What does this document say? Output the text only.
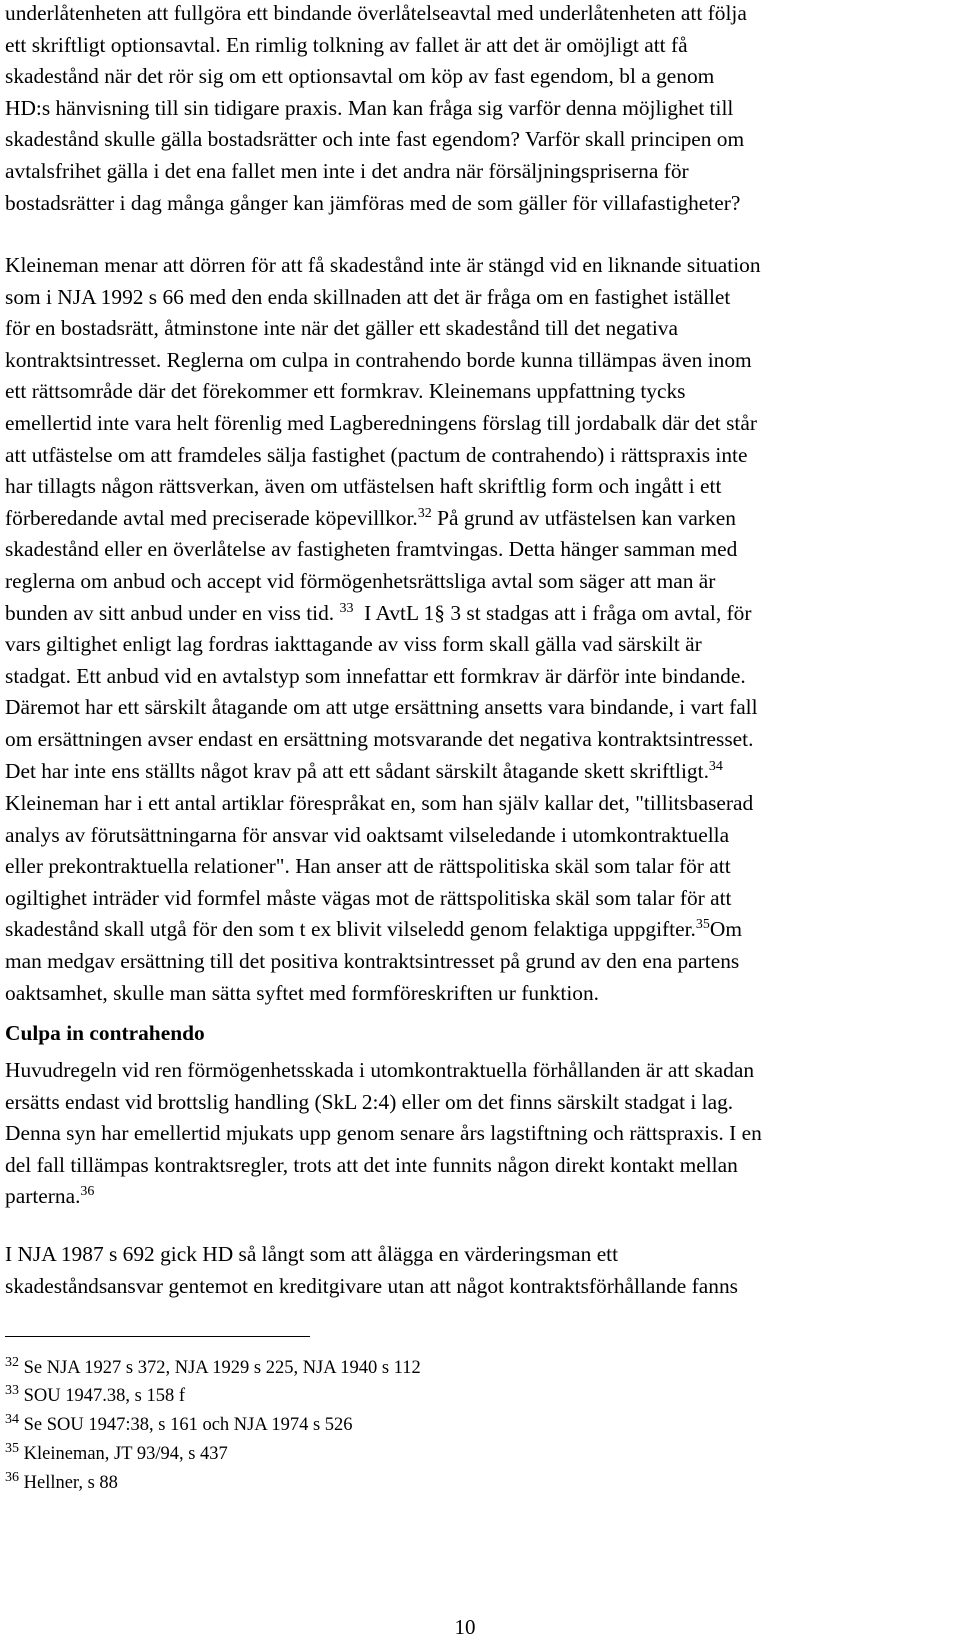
underlåtenheten att fullgöra ett bindande överlåtelseavtal med underlåtenheten att följa
ett skriftligt optionsavtal. En rimlig tolkning av fallet är att det är omöjligt att få
skadestånd när det rör sig om ett optionsavtal om köp av fast egendom, bl a genom
HD:s hänvisning till sin tidigare praxis. Man kan fråga sig varför denna möjlighet till
skadestånd skulle gälla bostadsrätter och inte fast egendom? Varför skall principen om
avtalsfrihet gälla i det ena fallet men inte i det andra när försäljningspriserna för
bostadsrätter i dag många gånger kan jämföras med de som gäller för villafastigheter?

Kleineman menar att dörren för att få skadestånd inte är stängd vid en liknande situation
som i NJA 1992 s 66 med den enda skillnaden att det är fråga om en fastighet istället
för en bostadsrätt, åtminstone inte när det gäller ett skadestånd till det negativa
kontraktsintresset. Reglerna om culpa in contrahendo borde kunna tillämpas även inom
ett rättsområde där det förekommer ett formkrav. Kleinemans uppfattning tycks
emellertid inte vara helt förenlig med Lagberedningens förslag till jordabalk där det står
att utfästelse om att framdeles sälja fastighet (pactum de contrahendo) i rättspraxis inte
har tillagts någon rättsverkan, även om utfästelsen haft skriftlig form och ingått i ett
förberedande avtal med preciserade köpevillkor.$^{32}$ På grund av utfästelsen kan varken
skadestånd eller en överlåtelse av fastigheten framtvingas. Detta hänger samman med
reglerna om anbud och accept vid förmögenhetsrättsliga avtal som säger att man är
bunden av sitt anbud under en viss tid. $^{33}$  I AvtL 1§ 3 st stadgas att i fråga om avtal, för
vars giltighet enligt lag fordras iakttagande av viss form skall gälla vad särskilt är
stadgat. Ett anbud vid en avtalstyp som innefattar ett formkrav är därför inte bindande.
Däremot har ett särskilt åtagande om att utge ersättning ansetts vara bindande, i vart fall
om ersättningen avser endast en ersättning motsvarande det negativa kontraktsintresset.
Det har inte ens ställts något krav på att ett sådant särskilt åtagande skett skriftligt.$^{34}$

Kleineman har i ett antal artiklar förespråkat en, som han själv kallar det, "tillitsbaserad
analys av förutsättningarna för ansvar vid oaktsamt vilseledande i utomkontraktuella
eller prekontraktuella relationer". Han anser att de rättspolitiska skäl som talar för att
ogiltighet inträder vid formfel måste vägas mot de rättspolitiska skäl som talar för att
skadestånd skall utgå för den som t ex blivit vilseledd genom felaktiga uppgifter.$^{35}$Om
man medgav ersättning till det positiva kontraktsintresset på grund av den ena partens
oaktsamhet, skulle man sätta syftet med formföreskriften ur funktion.

Culpa in contrahendo

Huvudregeln vid ren förmögenhetsskada i utomkontraktuella förhållanden är att skadan
ersätts endast vid brottslig handling (SkL 2:4) eller om det finns särskilt stadgat i lag.
Denna syn har emellertid mjukats upp genom senare års lagstiftning och rättspraxis. I en
del fall tillämpas kontraktsregler, trots att det inte funnits någon direkt kontakt mellan
parterna.$^{36}$

I NJA 1987 s 692 gick HD så långt som att ålägga en värderingsman ett
skadeståndsansvar gentemot en kreditgivare utan att något kontraktsförhållande fanns

$^{32}$ Se NJA 1927 s 372, NJA 1929 s 225, NJA 1940 s 112
$^{33}$ SOU 1947.38, s 158 f
$^{34}$ Se SOU 1947:38, s 161 och NJA 1974 s 526
$^{35}$ Kleineman, JT 93/94, s 437
$^{36}$ Hellner, s 88
10
